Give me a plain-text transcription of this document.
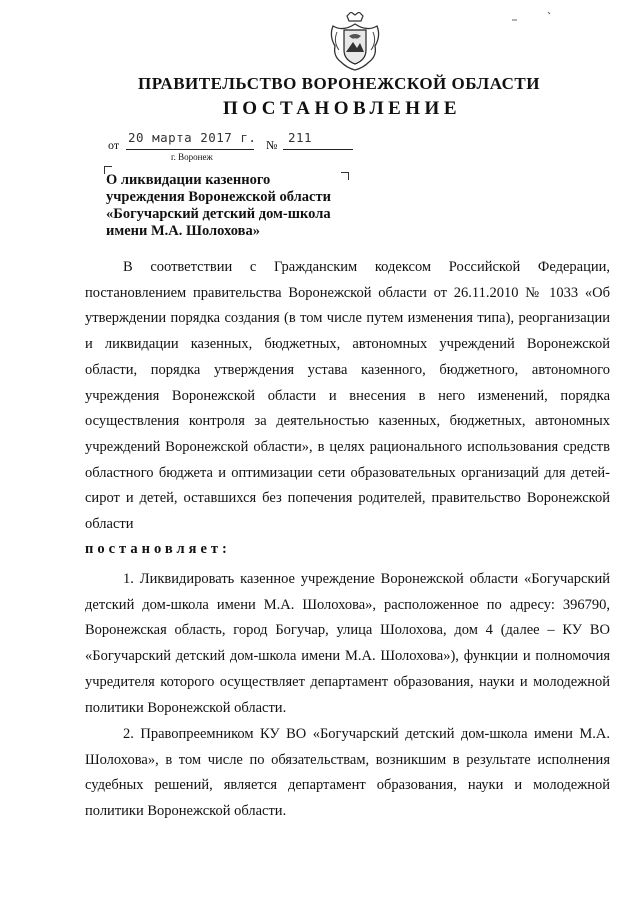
ПРАВИТЕЛЬСТВО ВОРОНЕЖСКОЙ ОБЛАСТИ
ПОСТАНОВЛЕНИЕ
от 20 марта 2017 г. № 211
г. Воронеж
О ликвидации казенного
учреждения Воронежской области
«Богучарский детский дом-школа
имени М.А. Шолохова»
В соответствии с Гражданским кодексом Российской Федерации, постановлением правительства Воронежской области от 26.11.2010 № 1033 «Об утверждении порядка создания (в том числе путем изменения типа), реорганизации и ликвидации казенных, бюджетных, автономных учреждений Воронежской области, порядка утверждения устава казенного, бюджетного, автономного учреждения Воронежской области и внесения в него изменений, порядка осуществления контроля за деятельностью казенных, бюджетных, автономных учреждений Воронежской области», в целях рационального использования средств областного бюджета и оптимизации сети образовательных организаций для детей-сирот и детей, оставшихся без попечения родителей, правительство Воронежской области
постановляет:
1. Ликвидировать казенное учреждение Воронежской области «Богучарский детский дом-школа имени М.А. Шолохова», расположенное по адресу: 396790, Воронежская область, город Богучар, улица Шолохова, дом 4 (далее – КУ ВО «Богучарский детский дом-школа имени М.А. Шолохова»), функции и полномочия учредителя которого осуществляет департамент образования, науки и молодежной политики Воронежской области.
2. Правопреемником КУ ВО «Богучарский детский дом-школа имени М.А. Шолохова», в том числе по обязательствам, возникшим в результате исполнения судебных решений, является департамент образования, науки и молодежной политики Воронежской области.
